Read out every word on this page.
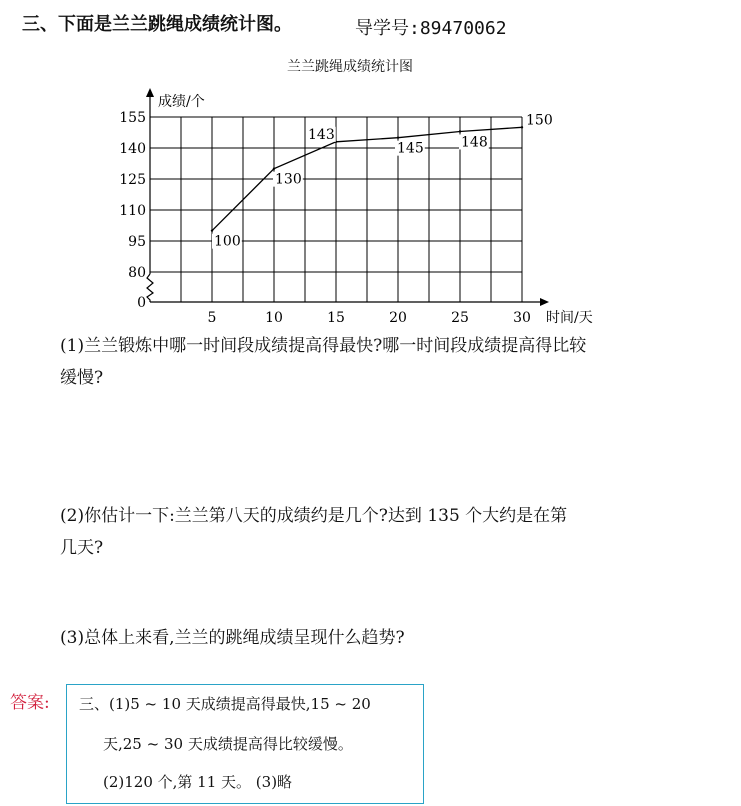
三、下面是兰兰跳绳成绩统计图。	导学号:89470062
兰兰跳绳成绩统计图
0
80
95
110
125
140
155
5	10	15	20	25	30
100
130
143
145	148
150
成绩/个
时间/天
(1)兰兰锻炼中哪一时间段成绩提高得最快?哪一时间段成绩提高得比较
缓慢?
(2)你估计一下:兰兰第八天的成绩约是几个?达到 135 个大约是在第
几天?
(3)总体上来看,兰兰的跳绳成绩呈现什么趋势?
答案: 三、(1)5 ~ 10 天成绩提高得最快,15 ~ 20
天,25 ~ 30 天成绩提高得比较缓慢。
(2)120 个,第 11 天。 (3)略
